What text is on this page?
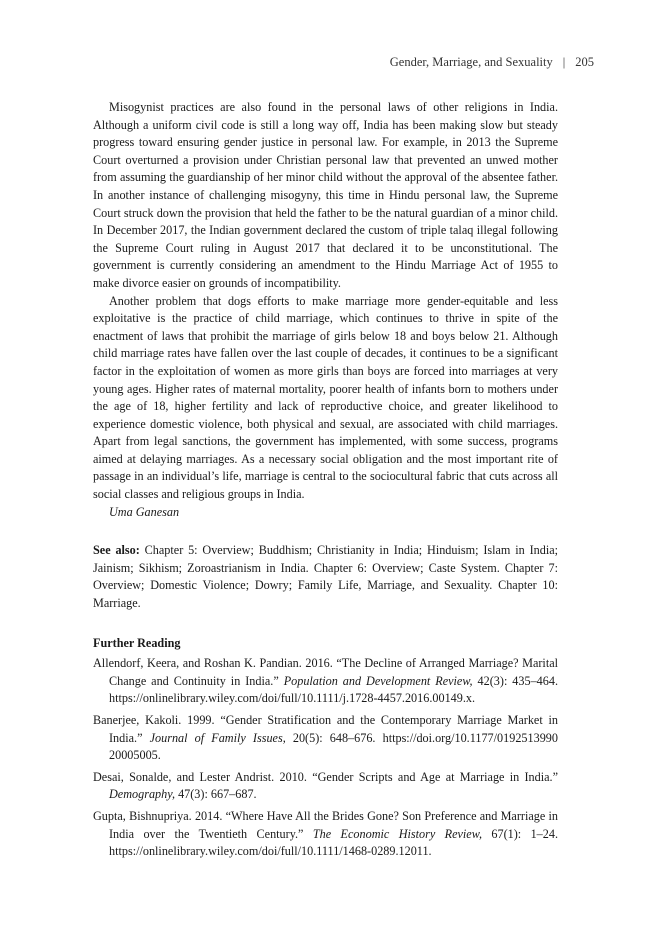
Gender, Marriage, and Sexuality | 205

Misogynist practices are also found in the personal laws of other religions in India. Although a uniform civil code is still a long way off, India has been making slow but steady progress toward ensuring gender justice in personal law. For example, in 2013 the Supreme Court overturned a provision under Christian personal law that prevented an unwed mother from assuming the guardianship of her minor child without the approval of the absentee father. In another instance of challenging misogyny, this time in Hindu personal law, the Supreme Court struck down the provision that held the father to be the natural guardian of a minor child. In December 2017, the Indian government declared the custom of triple talaq illegal following the Supreme Court ruling in August 2017 that declared it to be unconstitutional. The government is currently considering an amendment to the Hindu Marriage Act of 1955 to make divorce easier on grounds of incompatibility.

Another problem that dogs efforts to make marriage more gender-equitable and less exploitative is the practice of child marriage, which continues to thrive in spite of the enactment of laws that prohibit the marriage of girls below 18 and boys below 21. Although child marriage rates have fallen over the last couple of decades, it continues to be a significant factor in the exploitation of women as more girls than boys are forced into marriages at very young ages. Higher rates of maternal mortality, poorer health of infants born to mothers under the age of 18, higher fertility and lack of reproductive choice, and greater likelihood to experience domestic violence, both physical and sexual, are associated with child marriages. Apart from legal sanctions, the government has implemented, with some success, programs aimed at delaying marriages. As a necessary social obligation and the most important rite of passage in an individual’s life, marriage is central to the sociocultural fabric that cuts across all social classes and religious groups in India.

Uma Ganesan

See also: Chapter 5: Overview; Buddhism; Christianity in India; Hinduism; Islam in India; Jainism; Sikhism; Zoroastrianism in India. Chapter 6: Overview; Caste System. Chapter 7: Overview; Domestic Violence; Dowry; Family Life, Marriage, and Sexuality. Chapter 10: Marriage.
Further Reading
Allendorf, Keera, and Roshan K. Pandian. 2016. “The Decline of Arranged Marriage? Marital Change and Continuity in India.” Population and Development Review, 42(3): 435–464. https://onlinelibrary.wiley.com/doi/full/10.1111/j.1728-4457.2016.00149.x.
Banerjee, Kakoli. 1999. “Gender Stratification and the Contemporary Marriage Market in India.” Journal of Family Issues, 20(5): 648–676. https://doi.org/10.1177/0192513990 20005005.
Desai, Sonalde, and Lester Andrist. 2010. “Gender Scripts and Age at Marriage in India.” Demography, 47(3): 667–687.
Gupta, Bishnupriya. 2014. “Where Have All the Brides Gone? Son Preference and Marriage in India over the Twentieth Century.” The Economic History Review, 67(1): 1–24. https://onlinelibrary.wiley.com/doi/full/10.1111/1468-0289.12011.
